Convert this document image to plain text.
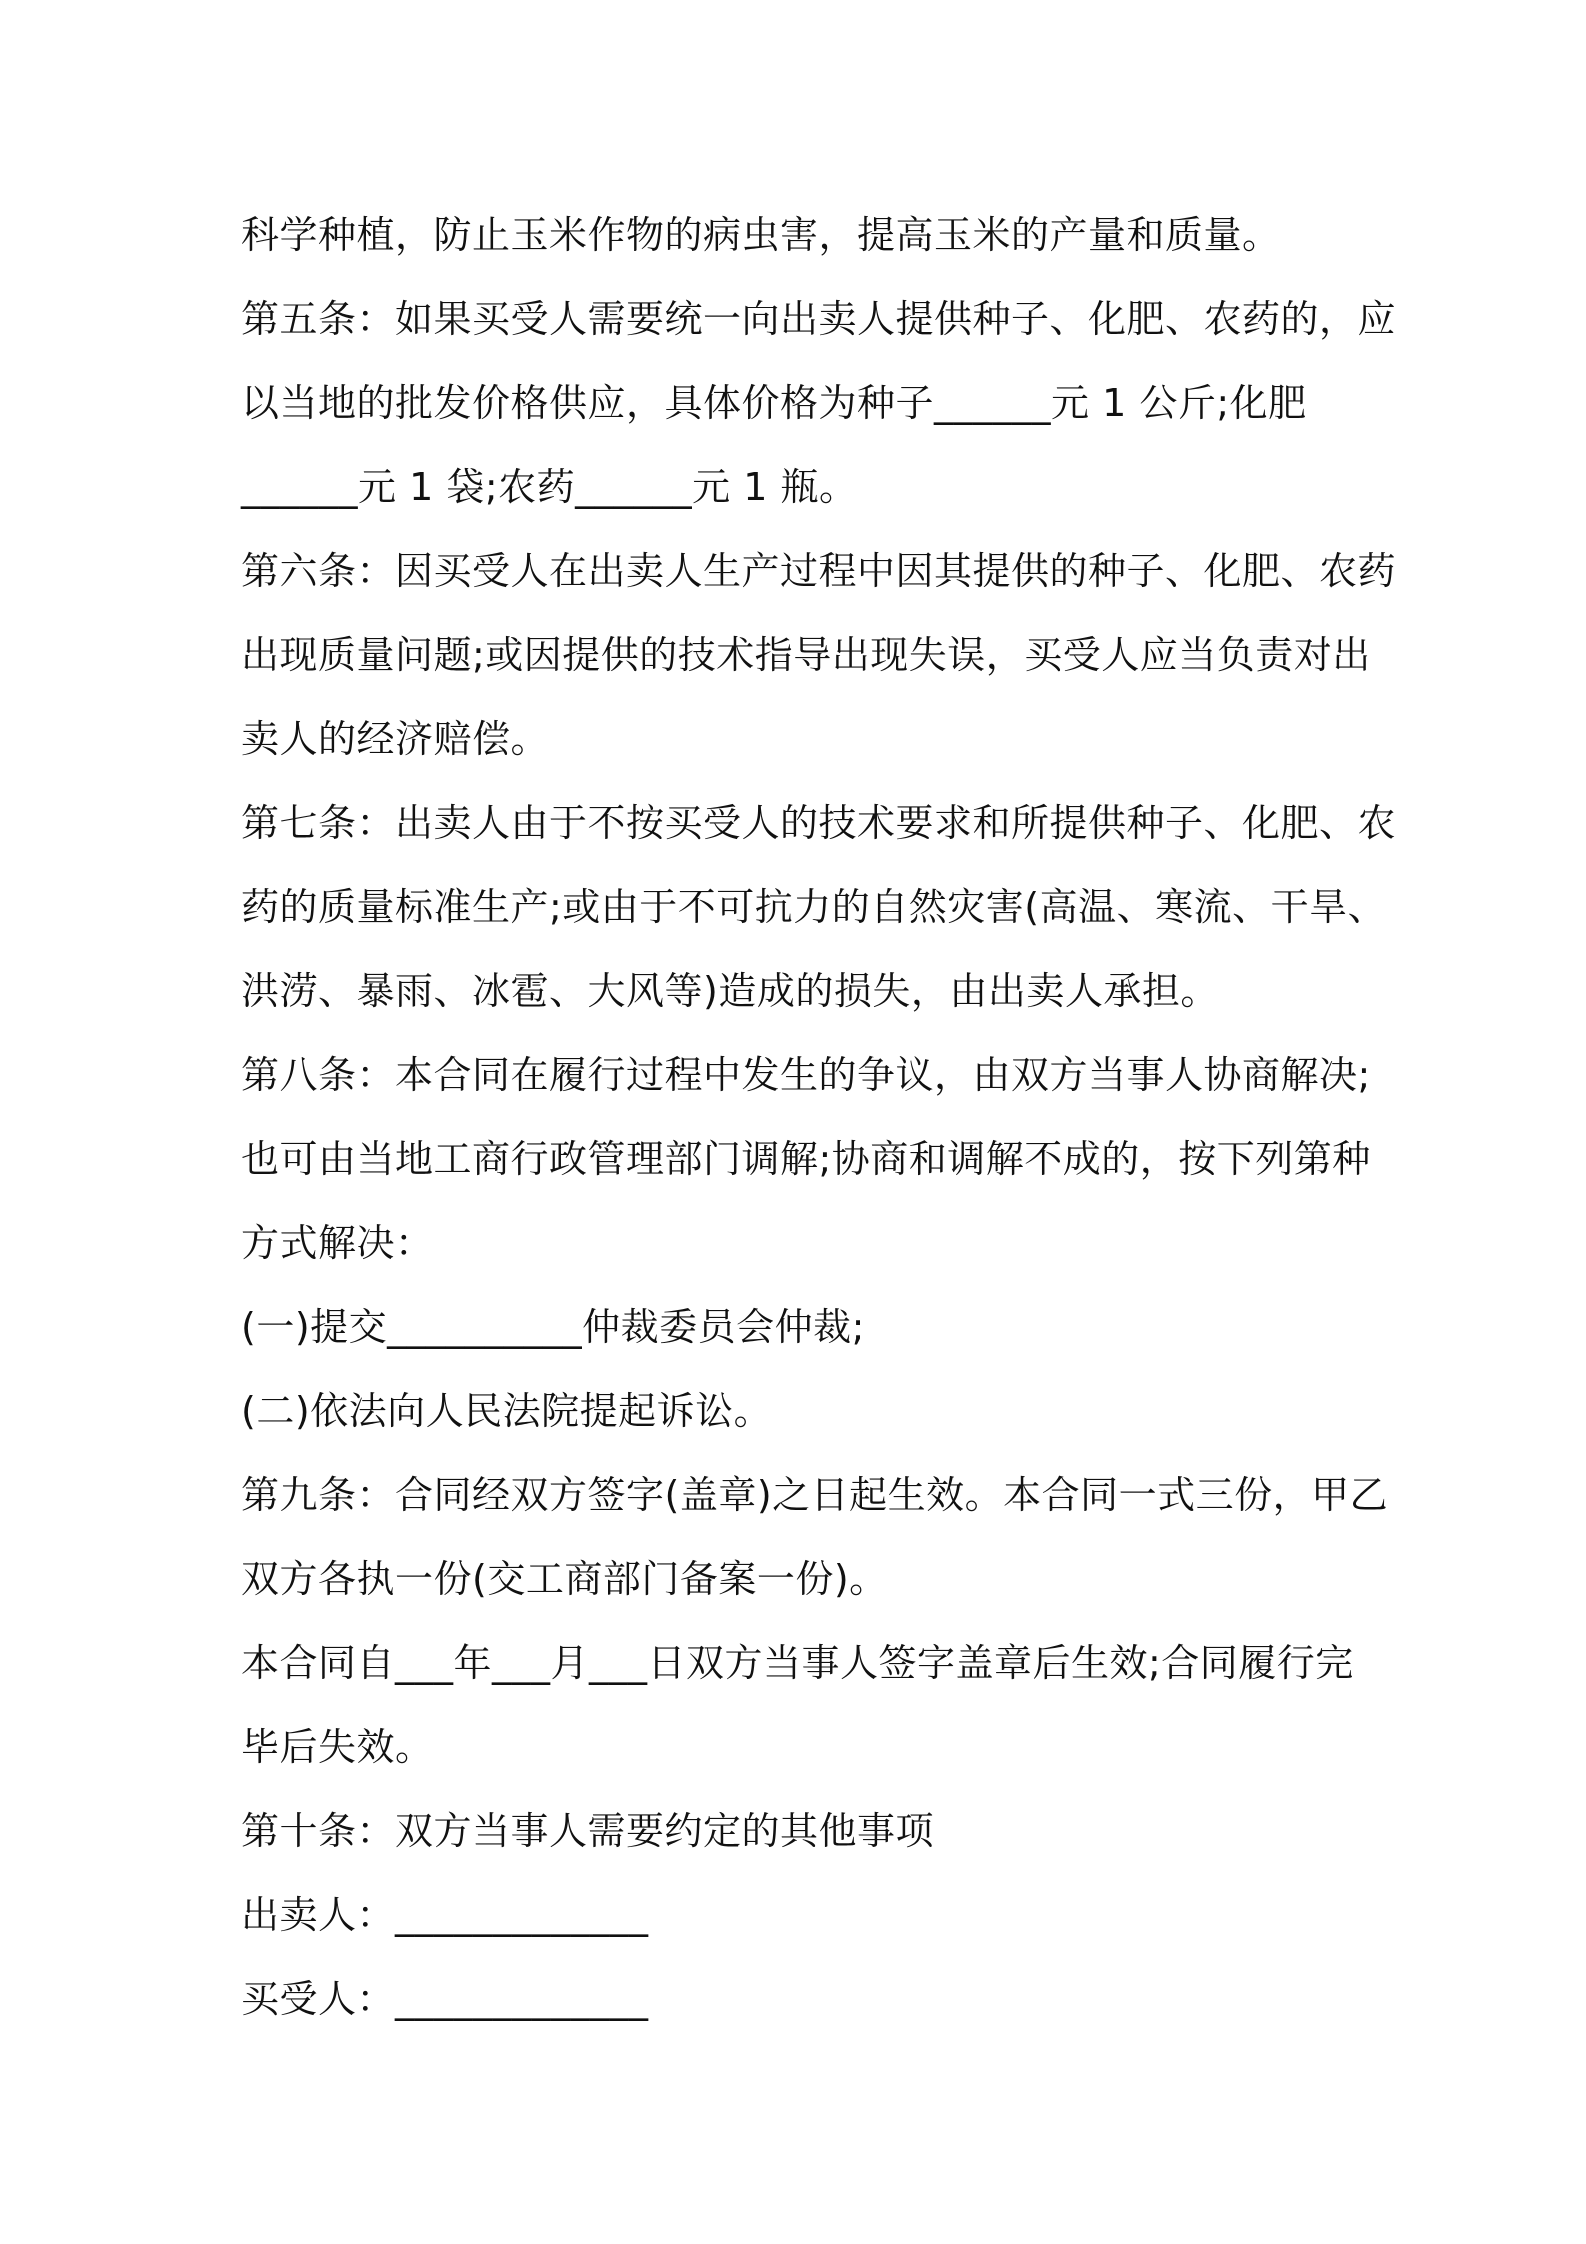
科学种植，防止玉米作物的病虫害，提高玉米的产量和质量。
第五条：如果买受人需要统一向出卖人提供种子、化肥、农药的，应
以当地的批发价格供应，具体价格为种子______元 1 公斤;化肥
______元 1 袋;农药______元 1 瓶。
第六条：因买受人在出卖人生产过程中因其提供的种子、化肥、农药
出现质量问题;或因提供的技术指导出现失误，买受人应当负责对出
卖人的经济赔偿。
第七条：出卖人由于不按买受人的技术要求和所提供种子、化肥、农
药的质量标准生产;或由于不可抗力的自然灾害(高温、寒流、干旱、
洪涝、暴雨、冰雹、大风等)造成的损失，由出卖人承担。
第八条：本合同在履行过程中发生的争议，由双方当事人协商解决;
也可由当地工商行政管理部门调解;协商和调解不成的，按下列第种
方式解决：
(一)提交__________仲裁委员会仲裁;
(二)依法向人民法院提起诉讼。
第九条：合同经双方签字(盖章)之日起生效。本合同一式三份，甲乙
双方各执一份(交工商部门备案一份)。
本合同自___年___月___日双方当事人签字盖章后生效;合同履行完
毕后失效。
第十条：双方当事人需要约定的其他事项
出卖人：_____________
买受人：_____________
